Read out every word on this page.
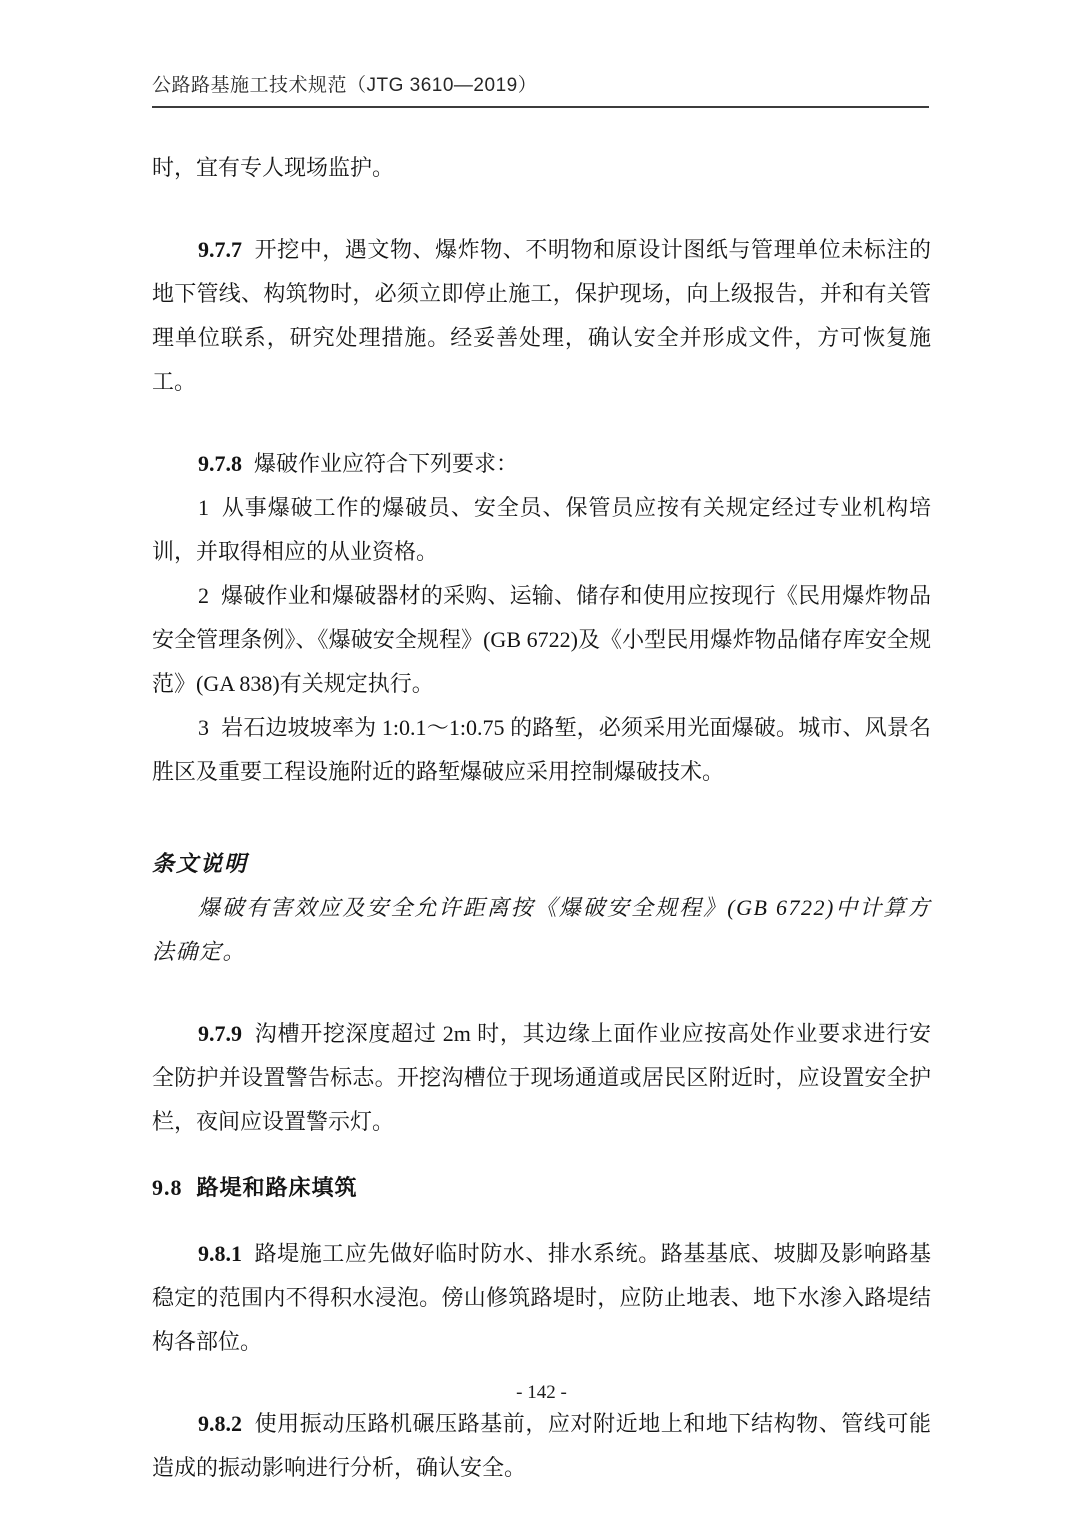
公路路基施工技术规范（JTG 3610—2019）

时，宜有专人现场监护。

9.7.7 开挖中，遇文物、爆炸物、不明物和原设计图纸与管理单位未标注的地下管线、构筑物时，必须立即停止施工，保护现场，向上级报告，并和有关管理单位联系，研究处理措施。经妥善处理，确认安全并形成文件，方可恢复施工。

9.7.8 爆破作业应符合下列要求：

1 从事爆破工作的爆破员、安全员、保管员应按有关规定经过专业机构培训，并取得相应的从业资格。

2 爆破作业和爆破器材的采购、运输、储存和使用应按现行《民用爆炸物品安全管理条例》、《爆破安全规程》(GB 6722)及《小型民用爆炸物品储存库安全规范》(GA 838)有关规定执行。

3 岩石边坡坡率为 1:0.1～1:0.75 的路堑，必须采用光面爆破。城市、风景名胜区及重要工程设施附近的路堑爆破应采用控制爆破技术。

条文说明

爆破有害效应及安全允许距离按《爆破安全规程》(GB 6722)中计算方法确定。

9.7.9 沟槽开挖深度超过 2m 时，其边缘上面作业应按高处作业要求进行安全防护并设置警告标志。开挖沟槽位于现场通道或居民区附近时，应设置安全护栏，夜间应设置警示灯。

9.8 路堤和路床填筑

9.8.1 路堤施工应先做好临时防水、排水系统。路基基底、坡脚及影响路基稳定的范围内不得积水浸泡。傍山修筑路堤时，应防止地表、地下水渗入路堤结构各部位。

9.8.2 使用振动压路机碾压路基前，应对附近地上和地下结构物、管线可能造成的振动影响进行分析，确认安全。

- 142 -
